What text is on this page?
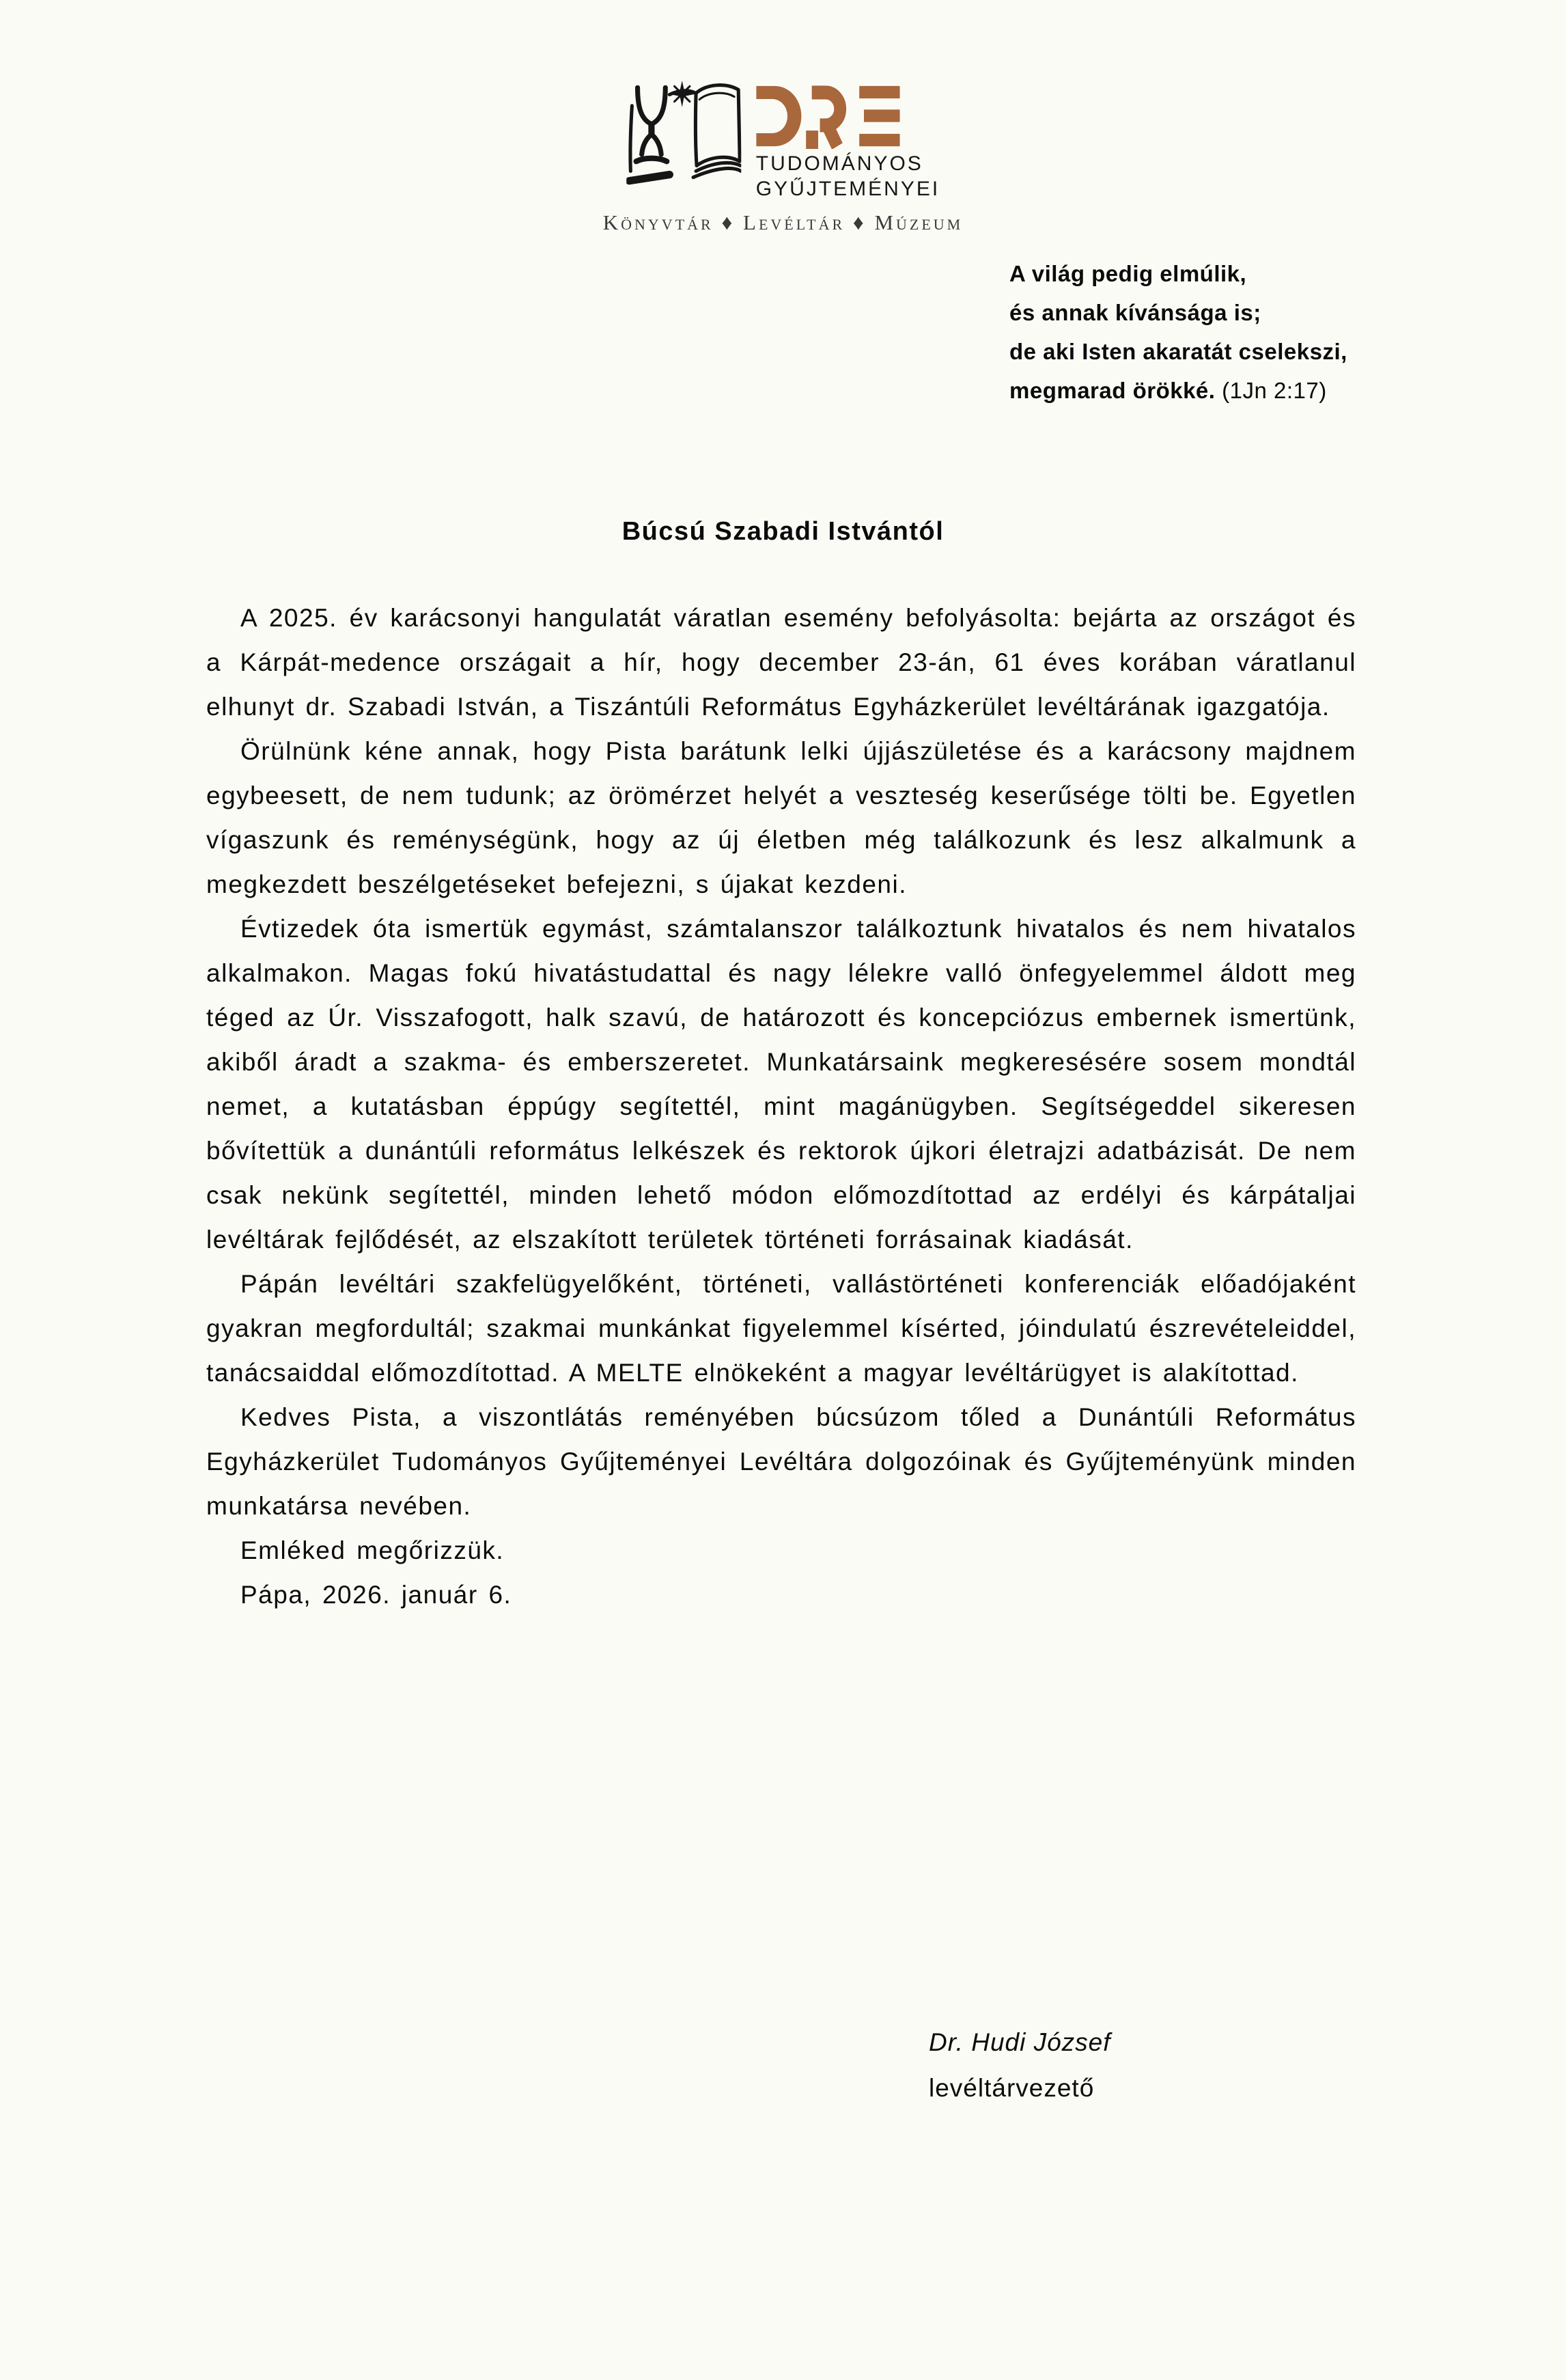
TUDOMÁNYOS
GYŰJTEMÉNYEI
Könyvtár ♦ Levéltár ♦ Múzeum
A világ pedig elmúlik,
és annak kívánsága is;
de aki Isten akaratát cselekszi,
megmarad örökké. (1Jn 2:17)
Búcsú Szabadi Istvántól

A 2025. év karácsonyi hangulatát váratlan esemény befolyásolta: bejárta az országot és a Kárpát-medence országait a hír, hogy december 23-án, 61 éves korában váratlanul elhunyt dr. Szabadi István, a Tiszántúli Református Egyházkerület levéltárának igazgatója.

Örülnünk kéne annak, hogy Pista barátunk lelki újjászületése és a karácsony majdnem egybeesett, de nem tudunk; az örömérzet helyét a veszteség keserűsége tölti be. Egyetlen vígaszunk és reménységünk, hogy az új életben még találkozunk és lesz alkalmunk a megkezdett beszélgetéseket befejezni, s újakat kezdeni.

Évtizedek óta ismertük egymást, számtalanszor találkoztunk hivatalos és nem hivatalos alkalmakon. Magas fokú hivatástudattal és nagy lélekre valló önfegyelemmel áldott meg téged az Úr. Visszafogott, halk szavú, de határozott és koncepciózus embernek ismertünk, akiből áradt a szakma- és emberszeretet. Munkatársaink megkeresésére sosem mondtál nemet, a kutatásban éppúgy segítettél, mint magánügyben. Segítségeddel sikeresen bővítettük a dunántúli református lelkészek és rektorok újkori életrajzi adatbázisát. De nem csak nekünk segítettél, minden lehető módon előmozdítottad az erdélyi és kárpátaljai levéltárak fejlődését, az elszakított területek történeti forrásainak kiadását.

Pápán levéltári szakfelügyelőként, történeti, vallástörténeti konferenciák előadójaként gyakran megfordultál; szakmai munkánkat figyelemmel kísérted, jóindulatú észrevételeiddel, tanácsaiddal előmozdítottad. A MELTE elnökeként a magyar levéltárügyet is alakítottad.

Kedves Pista, a viszontlátás reményében búcsúzom tőled a Dunántúli Református Egyházkerület Tudományos Gyűjteményei Levéltára dolgozóinak és Gyűjteményünk minden munkatársa nevében.

Emléked megőrizzük.

Pápa, 2026. január 6.

Dr. Hudi József
levéltárvezető
